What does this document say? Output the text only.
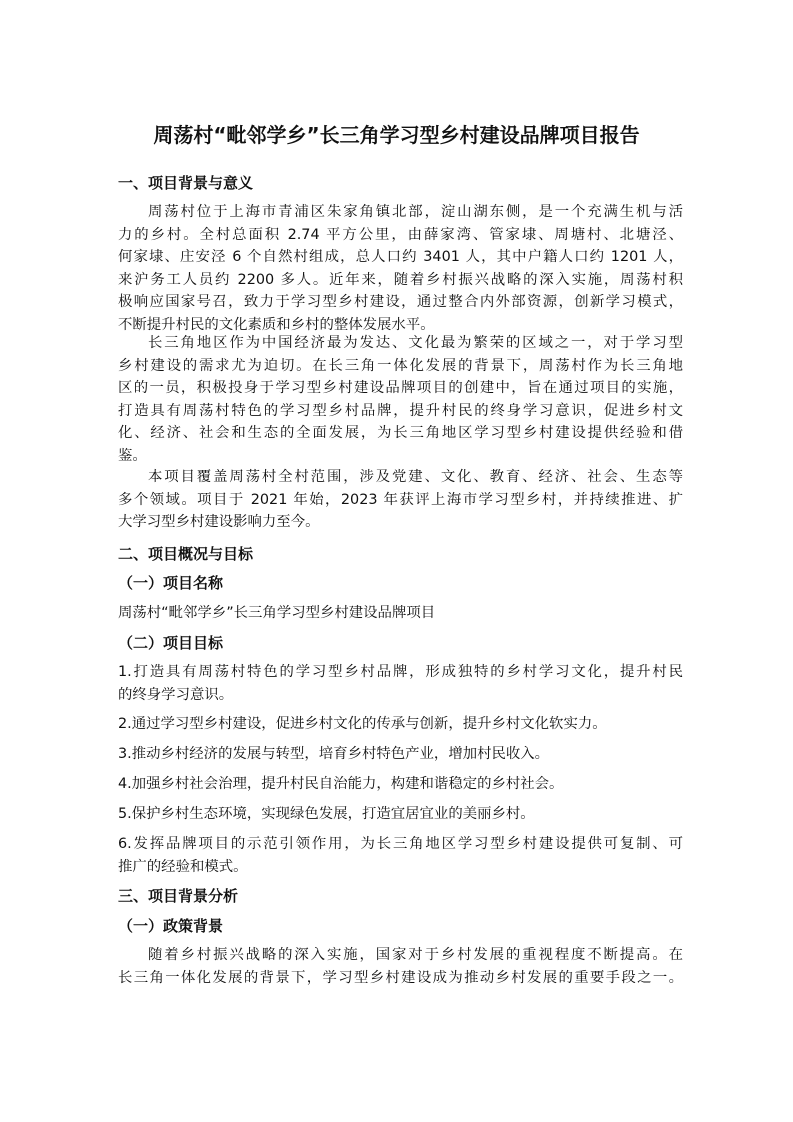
周荡村“毗邻学乡”长三角学习型乡村建设品牌项目报告
一、项目背景与意义
周荡村位于上海市青浦区朱家角镇北部，淀山湖东侧，是一个充满生机与活
力的乡村。全村总面积 2.74 平方公里，由薛家湾、管家埭、周塘村、北塘泾、
何家埭、庄安泾 6 个自然村组成，总人口约 3401 人，其中户籍人口约 1201 人，
来沪务工人员约 2200 多人。近年来，随着乡村振兴战略的深入实施，周荡村积
极响应国家号召，致力于学习型乡村建设，通过整合内外部资源，创新学习模式，
不断提升村民的文化素质和乡村的整体发展水平。
长三角地区作为中国经济最为发达、文化最为繁荣的区域之一，对于学习型
乡村建设的需求尤为迫切。在长三角一体化发展的背景下，周荡村作为长三角地
区的一员，积极投身于学习型乡村建设品牌项目的创建中，旨在通过项目的实施，
打造具有周荡村特色的学习型乡村品牌，提升村民的终身学习意识，促进乡村文
化、经济、社会和生态的全面发展，为长三角地区学习型乡村建设提供经验和借
鉴。
本项目覆盖周荡村全村范围，涉及党建、文化、教育、经济、社会、生态等
多个领域。项目于 2021 年始，2023 年获评上海市学习型乡村，并持续推进、扩
大学习型乡村建设影响力至今。
二、项目概况与目标
（一）项目名称
周荡村“毗邻学乡”长三角学习型乡村建设品牌项目
（二）项目目标
1.打造具有周荡村特色的学习型乡村品牌，形成独特的乡村学习文化，提升村民
的终身学习意识。
2.通过学习型乡村建设，促进乡村文化的传承与创新，提升乡村文化软实力。
3.推动乡村经济的发展与转型，培育乡村特色产业，增加村民收入。
4.加强乡村社会治理，提升村民自治能力，构建和谐稳定的乡村社会。
5.保护乡村生态环境，实现绿色发展，打造宜居宜业的美丽乡村。
6.发挥品牌项目的示范引领作用，为长三角地区学习型乡村建设提供可复制、可
推广的经验和模式。
三、项目背景分析
（一）政策背景
随着乡村振兴战略的深入实施，国家对于乡村发展的重视程度不断提高。在
长三角一体化发展的背景下，学习型乡村建设成为推动乡村发展的重要手段之一。
